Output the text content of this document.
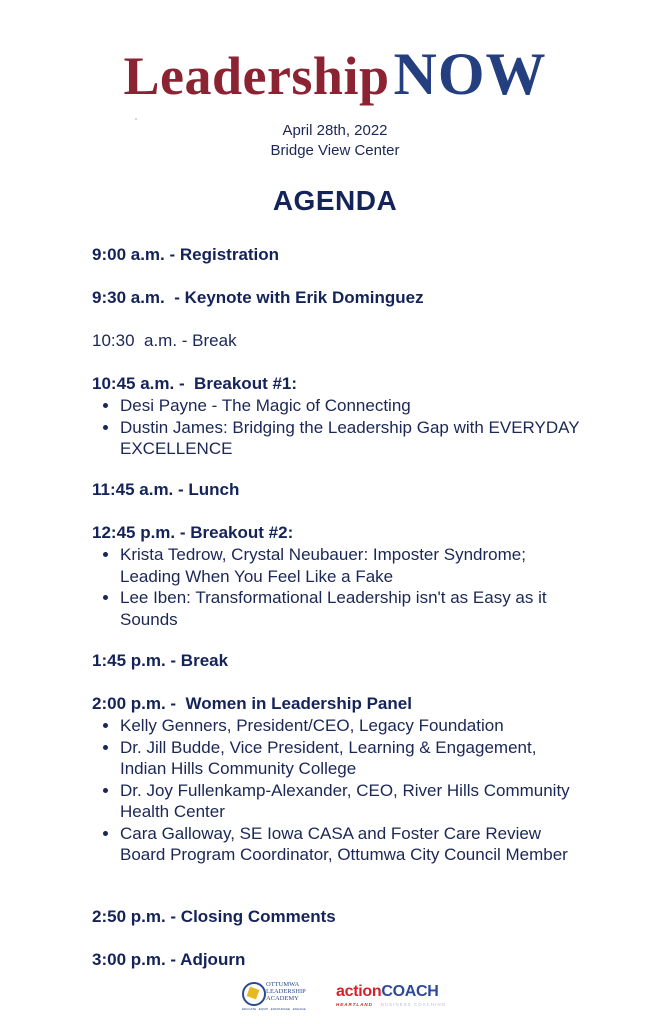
Leadership NOW
April 28th, 2022
Bridge View Center
AGENDA
9:00 a.m. - Registration
9:30 a.m.  - Keynote with Erik Dominguez
10:30  a.m. - Break
10:45 a.m. -  Breakout #1:
• Desi Payne - The Magic of Connecting
• Dustin James: Bridging the Leadership Gap with EVERYDAY EXCELLENCE
11:45 a.m. - Lunch
12:45 p.m. - Breakout #2:
• Krista Tedrow, Crystal Neubauer: Imposter Syndrome; Leading When You Feel Like a Fake
• Lee Iben: Transformational Leadership isn't as Easy as it Sounds
1:45 p.m. - Break
2:00 p.m. -  Women in Leadership Panel
• Kelly Genners, President/CEO, Legacy Foundation
• Dr. Jill Budde, Vice President, Learning & Engagement, Indian Hills Community College
• Dr. Joy Fullenkamp-Alexander, CEO, River Hills Community Health Center
• Cara Galloway, SE Iowa CASA and Foster Care Review Board Program Coordinator, Ottumwa City Council Member
2:50 p.m. - Closing Comments
3:00 p.m. - Adjourn
OTTUMWA
LEADERSHIP
ACADEMY
EDUCATE · EQUIP · ENCOURAGE · ENGAGE
actionCOACH
HEARTLAND BUSINESS COACHING
